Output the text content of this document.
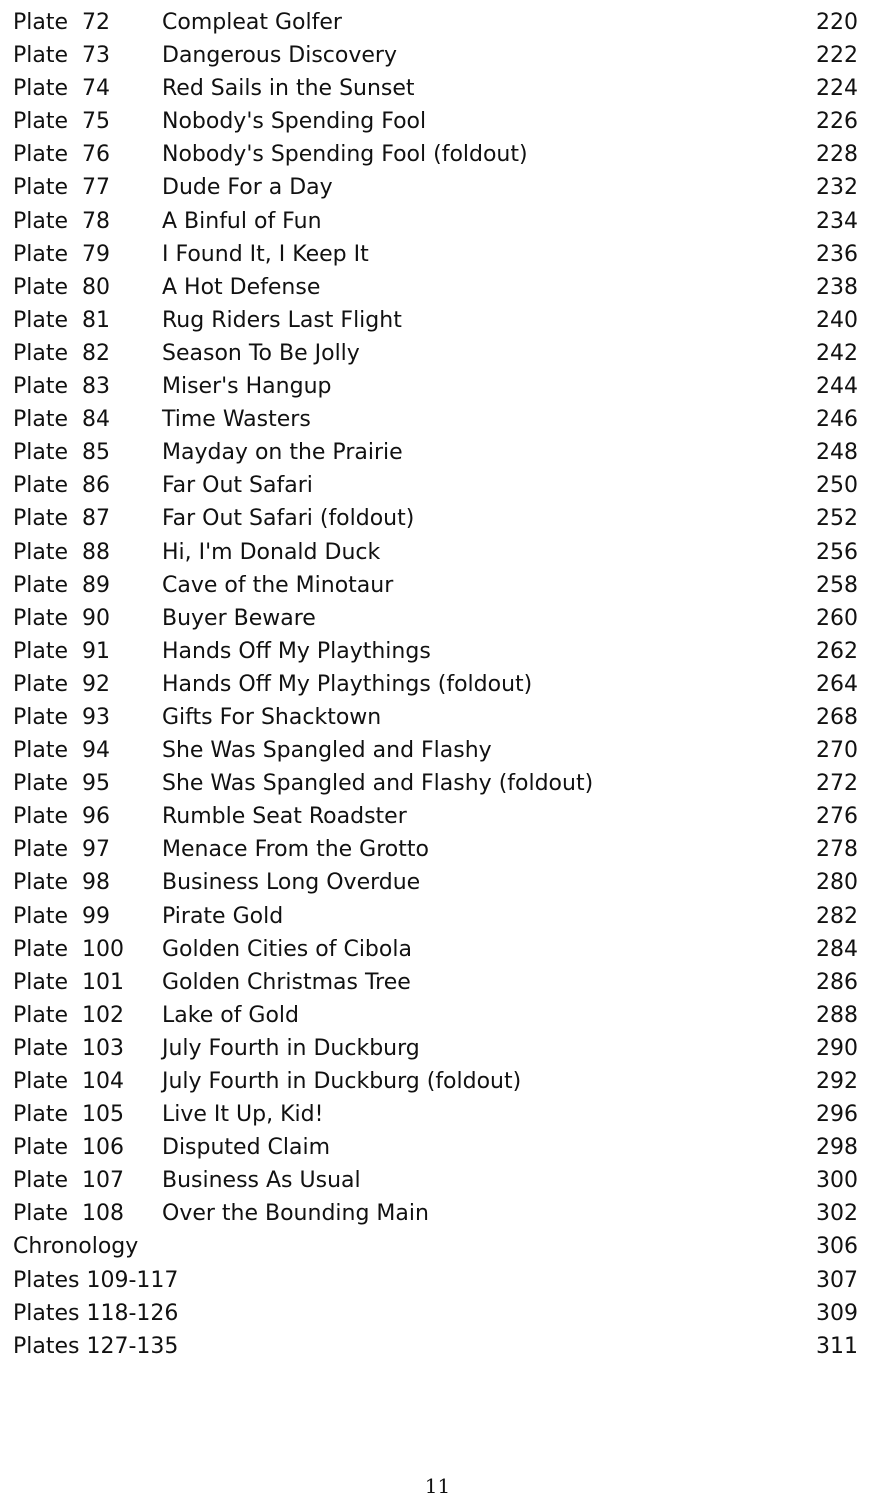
Plate 72 Compleat Golfer	220
Plate 73 Dangerous Discovery	222
Plate 74 Red Sails in the Sunset	224
Plate 75 Nobody's Spending Fool	226
Plate 76 Nobody's Spending Fool (foldout)	228
Plate 77 Dude For a Day	232
Plate 78 A Binful of Fun	234
Plate 79 I Found It, I Keep It	236
Plate 80 A Hot Defense	238
Plate 81 Rug Riders Last Flight	240
Plate 82 Season To Be Jolly	242
Plate 83 Miser's Hangup	244
Plate 84 Time Wasters	246
Plate 85 Mayday on the Prairie	248
Plate 86 Far Out Safari	250
Plate 87 Far Out Safari (foldout)	252
Plate 88 Hi, I'm Donald Duck	256
Plate 89 Cave of the Minotaur	258
Plate 90 Buyer Beware	260
Plate 91 Hands Off My Playthings	262
Plate 92 Hands Off My Playthings (foldout)	264
Plate 93 Gifts For Shacktown	268
Plate 94 She Was Spangled and Flashy	270
Plate 95 She Was Spangled and Flashy (foldout)	272
Plate 96 Rumble Seat Roadster	276
Plate 97 Menace From the Grotto	278
Plate 98 Business Long Overdue	280
Plate 99 Pirate Gold	282
Plate 100 Golden Cities of Cibola	284
Plate 101 Golden Christmas Tree	286
Plate 102 Lake of Gold	288
Plate 103 July Fourth in Duckburg	290
Plate 104 July Fourth in Duckburg (foldout)	292
Plate 105 Live It Up, Kid!	296
Plate 106 Disputed Claim	298
Plate 107 Business As Usual	300
Plate 108 Over the Bounding Main	302
Chronology	306
Plates 109-117	307
Plates 118-126	309
Plates 127-135	311
11
